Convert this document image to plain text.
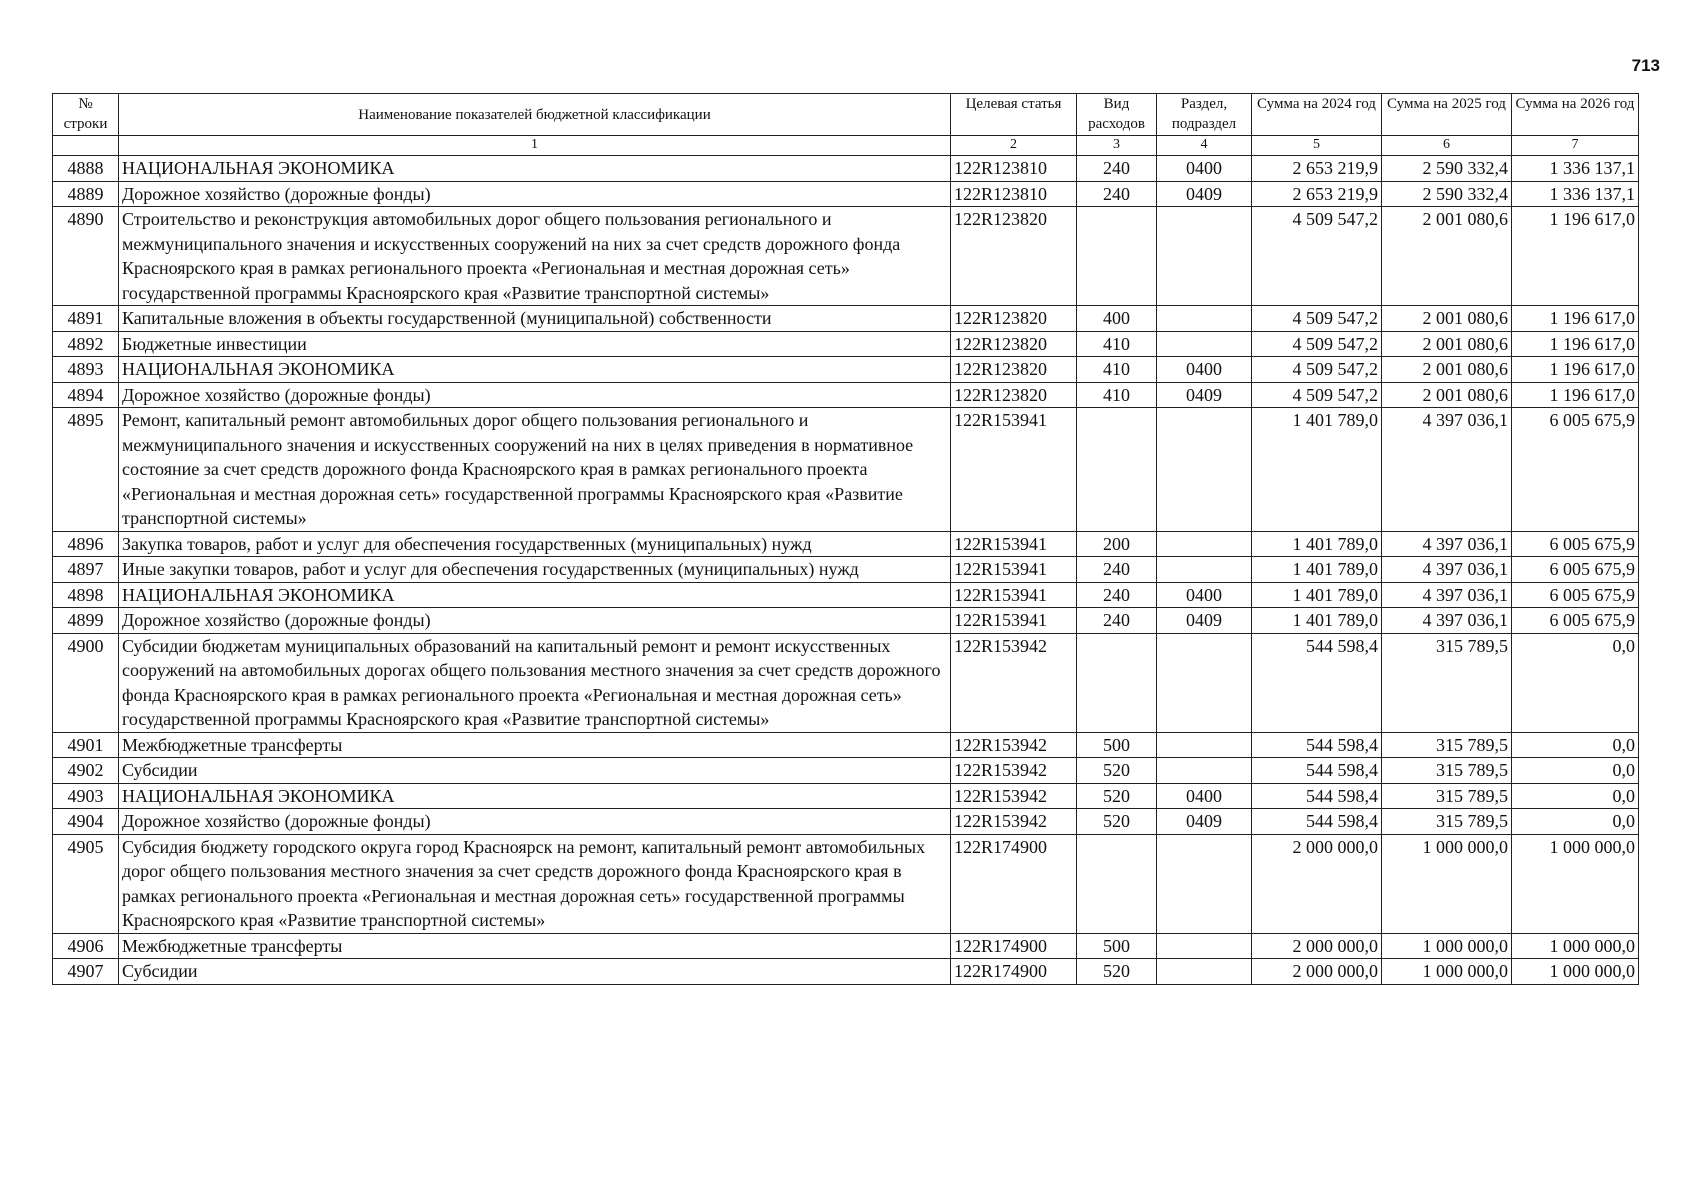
713
№ строки	Наименование показателей бюджетной классификации	Целевая статья	Вид расходов	Раздел, подраздел	Сумма на 2024 год	Сумма на 2025 год	Сумма на 2026 год
	1	2	3	4	5	6	7
4888	НАЦИОНАЛЬНАЯ ЭКОНОМИКА	122R123810	240	0400	2 653 219,9	2 590 332,4	1 336 137,1
4889	Дорожное хозяйство (дорожные фонды)	122R123810	240	0409	2 653 219,9	2 590 332,4	1 336 137,1
4890	Строительство и реконструкция автомобильных дорог общего пользования регионального и межмуниципального значения и искусственных сооружений на них за счет средств дорожного фонда Красноярского края в рамках регионального проекта «Региональная и местная дорожная сеть» государственной программы Красноярского края «Развитие транспортной системы»	122R123820			4 509 547,2	2 001 080,6	1 196 617,0
4891	Капитальные вложения в объекты государственной (муниципальной) собственности	122R123820	400		4 509 547,2	2 001 080,6	1 196 617,0
4892	Бюджетные инвестиции	122R123820	410		4 509 547,2	2 001 080,6	1 196 617,0
4893	НАЦИОНАЛЬНАЯ ЭКОНОМИКА	122R123820	410	0400	4 509 547,2	2 001 080,6	1 196 617,0
4894	Дорожное хозяйство (дорожные фонды)	122R123820	410	0409	4 509 547,2	2 001 080,6	1 196 617,0
4895	Ремонт, капитальный ремонт автомобильных дорог общего пользования регионального и межмуниципального значения и искусственных сооружений на них в целях приведения в нормативное состояние за счет средств дорожного фонда Красноярского края в рамках регионального проекта «Региональная и местная дорожная сеть» государственной программы Красноярского края «Развитие транспортной системы»	122R153941			1 401 789,0	4 397 036,1	6 005 675,9
4896	Закупка товаров, работ и услуг для обеспечения государственных (муниципальных) нужд	122R153941	200		1 401 789,0	4 397 036,1	6 005 675,9
4897	Иные закупки товаров, работ и услуг для обеспечения государственных (муниципальных) нужд	122R153941	240		1 401 789,0	4 397 036,1	6 005 675,9
4898	НАЦИОНАЛЬНАЯ ЭКОНОМИКА	122R153941	240	0400	1 401 789,0	4 397 036,1	6 005 675,9
4899	Дорожное хозяйство (дорожные фонды)	122R153941	240	0409	1 401 789,0	4 397 036,1	6 005 675,9
4900	Субсидии бюджетам муниципальных образований на капитальный ремонт и ремонт искусственных сооружений на автомобильных дорогах общего пользования местного значения за счет средств дорожного фонда Красноярского края в рамках регионального проекта «Региональная и местная дорожная сеть» государственной программы Красноярского края «Развитие транспортной системы»	122R153942			544 598,4	315 789,5	0,0
4901	Межбюджетные трансферты	122R153942	500		544 598,4	315 789,5	0,0
4902	Субсидии	122R153942	520		544 598,4	315 789,5	0,0
4903	НАЦИОНАЛЬНАЯ ЭКОНОМИКА	122R153942	520	0400	544 598,4	315 789,5	0,0
4904	Дорожное хозяйство (дорожные фонды)	122R153942	520	0409	544 598,4	315 789,5	0,0
4905	Субсидия бюджету городского округа город Красноярск на ремонт, капитальный ремонт автомобильных дорог общего пользования местного значения за счет средств дорожного фонда Красноярского края в рамках регионального проекта «Региональная и местная дорожная сеть» государственной программы Красноярского края «Развитие транспортной системы»	122R174900			2 000 000,0	1 000 000,0	1 000 000,0
4906	Межбюджетные трансферты	122R174900	500		2 000 000,0	1 000 000,0	1 000 000,0
4907	Субсидии	122R174900	520		2 000 000,0	1 000 000,0	1 000 000,0
